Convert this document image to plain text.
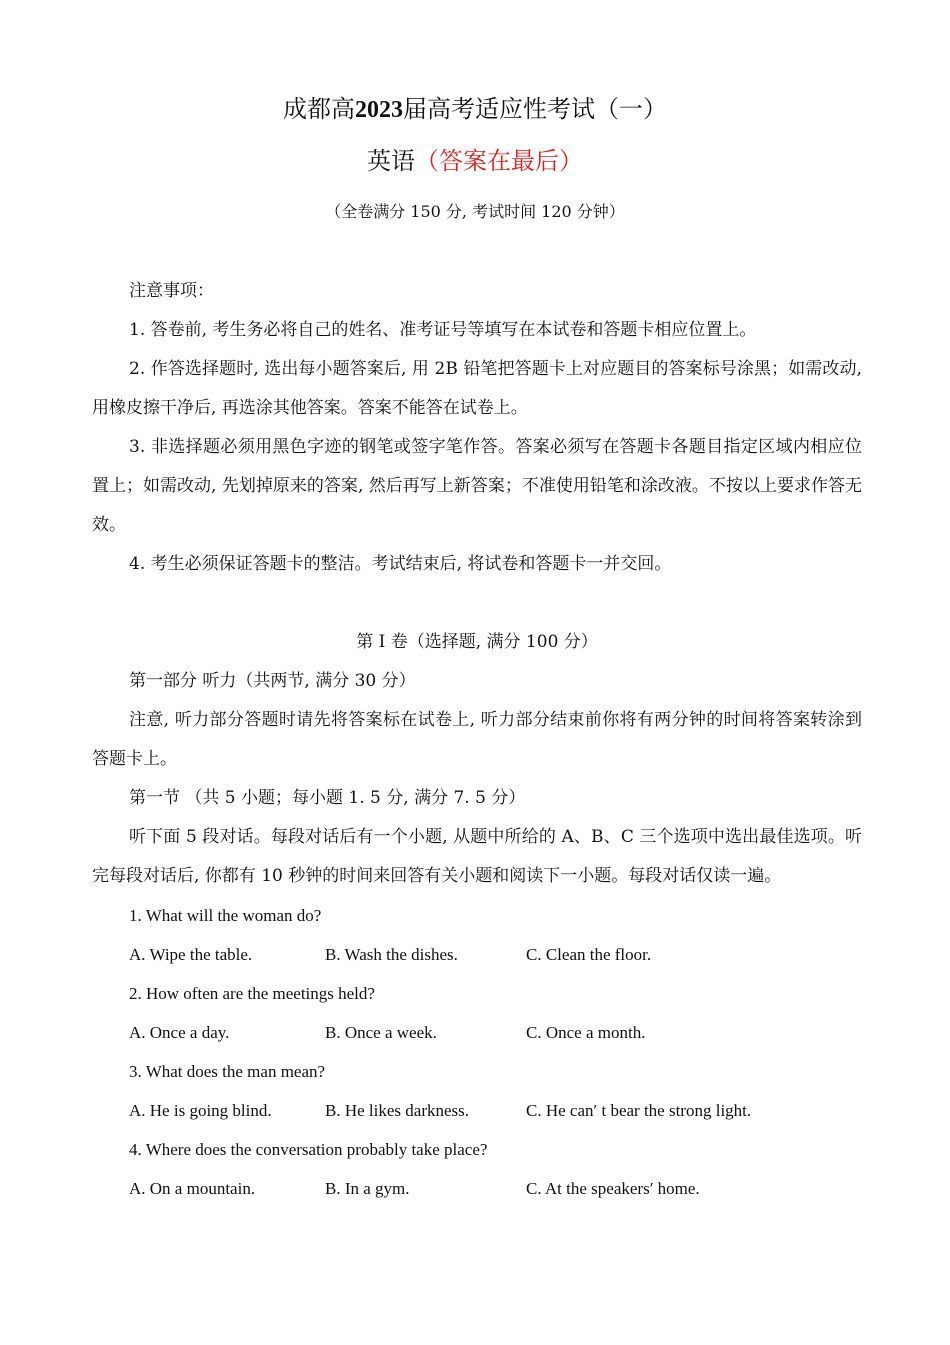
成都高2023届高考适应性考试（一）
英语（答案在最后）
（全卷满分 150 分, 考试时间 120 分钟）

注意事项：

1. 答卷前, 考生务必将自己的姓名、准考证号等填写在本试卷和答题卡相应位置上。

2. 作答选择题时, 选出每小题答案后, 用 2B 铅笔把答题卡上对应题目的答案标号涂黑；如需改动, 用橡皮擦干净后, 再选涂其他答案。答案不能答在试卷上。

3. 非选择题必须用黑色字迹的钢笔或签字笔作答。答案必须写在答题卡各题目指定区域内相应位置上；如需改动, 先划掉原来的答案, 然后再写上新答案；不准使用铅笔和涂改液。不按以上要求作答无效。

4. 考生必须保证答题卡的整洁。考试结束后, 将试卷和答题卡一并交回。

第 I 卷（选择题, 满分 100 分）

第一部分 听力（共两节, 满分 30 分）

注意, 听力部分答题时请先将答案标在试卷上, 听力部分结束前你将有两分钟的时间将答案转涂到答题卡上。

第一节 （共 5 小题；每小题 1. 5 分, 满分 7. 5 分）

听下面 5 段对话。每段对话后有一个小题, 从题中所给的 A、B、C 三个选项中选出最佳选项。听完每段对话后, 你都有 10 秒钟的时间来回答有关小题和阅读下一小题。每段对话仅读一遍。

1. What will the woman do?

A. Wipe the table.	B. Wash the dishes.	C. Clean the floor.

2. How often are the meetings held?

A. Once a day.	B. Once a week.	C. Once a month.

3. What does the man mean?

A. He is going blind.	B. He likes darkness.	C. He can′ t bear the strong light.

4. Where does the conversation probably take place?

A. On a mountain.	B. In a gym.	C. At the speakers′ home.
